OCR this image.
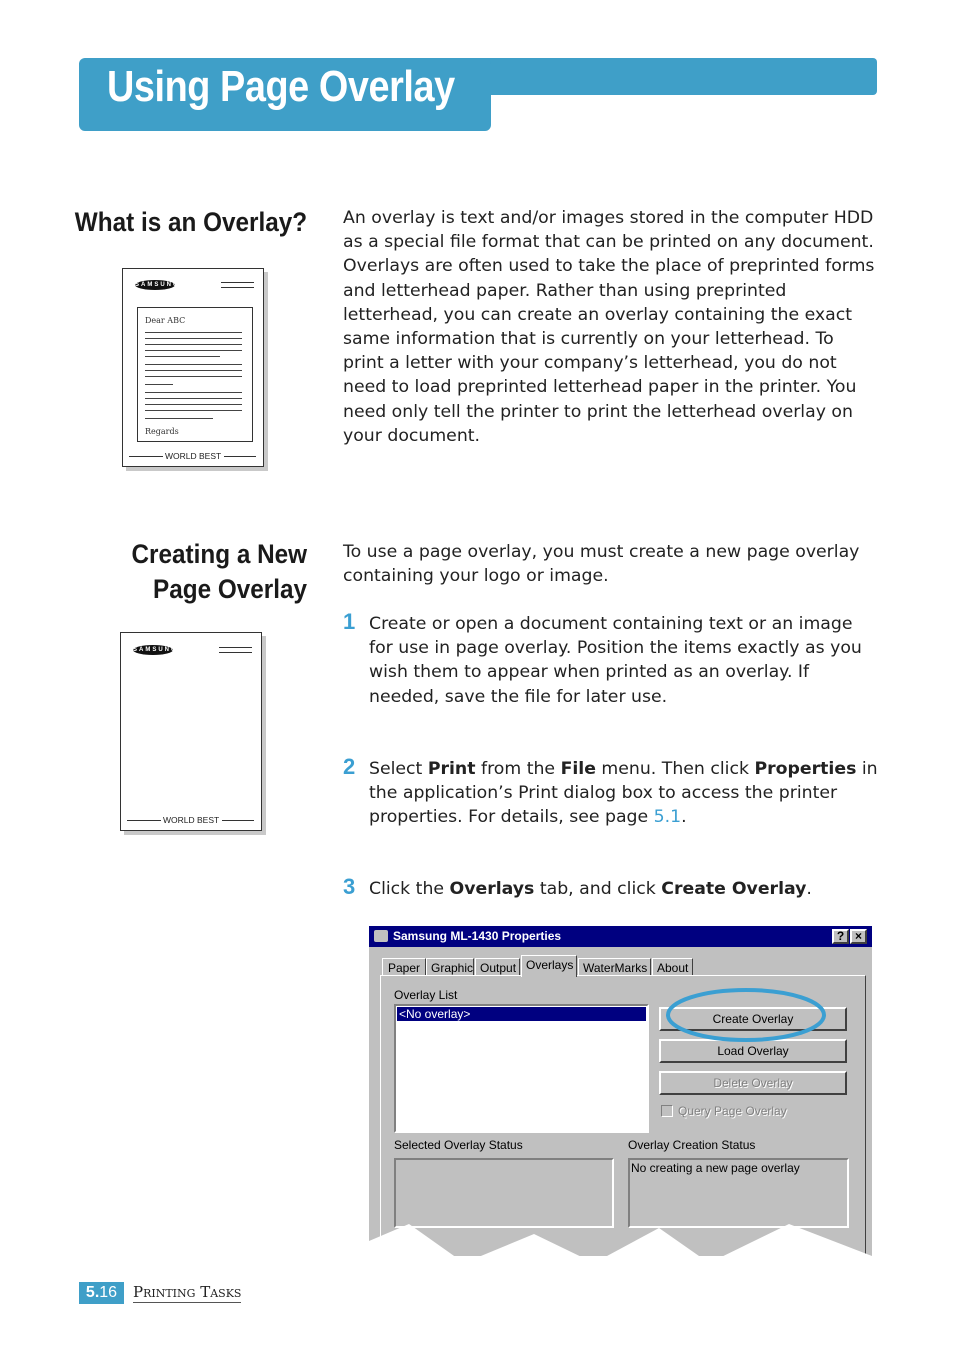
Using Page Overlay
What is an Overlay? An overlay is text and/or images stored in the computer HDD as a special file format that can be printed on any document. Overlays are often used to take the place of preprinted forms and letterhead paper. Rather than using preprinted letterhead, you can create an overlay containing the exact same information that is currently on your letterhead. To print a letter with your company’s letterhead, you do not need to load preprinted letterhead paper in the printer. You need only tell the printer to print the letterhead overlay on your document.
SAMSUNG
Dear ABC
Regards
WORLD BEST
Creating a New
Page Overlay
To use a page overlay, you must create a new page overlay containing your logo or image.
SAMSUNG
WORLD BEST
1 Create or open a document containing text or an image for use in page overlay. Position the items exactly as you wish them to appear when printed as an overlay. If needed, save the file for later use.
2 Select Print from the File menu. Then click Properties in the application’s Print dialog box to access the printer properties. For details, see page 5.1.
3 Click the Overlays tab, and click Create Overlay.
Samsung ML-1430 Properties	? ×
Paper Graphic Output Overlays WaterMarks About
Overlay List
<No overlay>	Create Overlay
Load Overlay
Delete Overlay
Query Page Overlay
Selected Overlay Status	Overlay Creation Status
No creating a new page overlay
5.16	Printing Tasks
